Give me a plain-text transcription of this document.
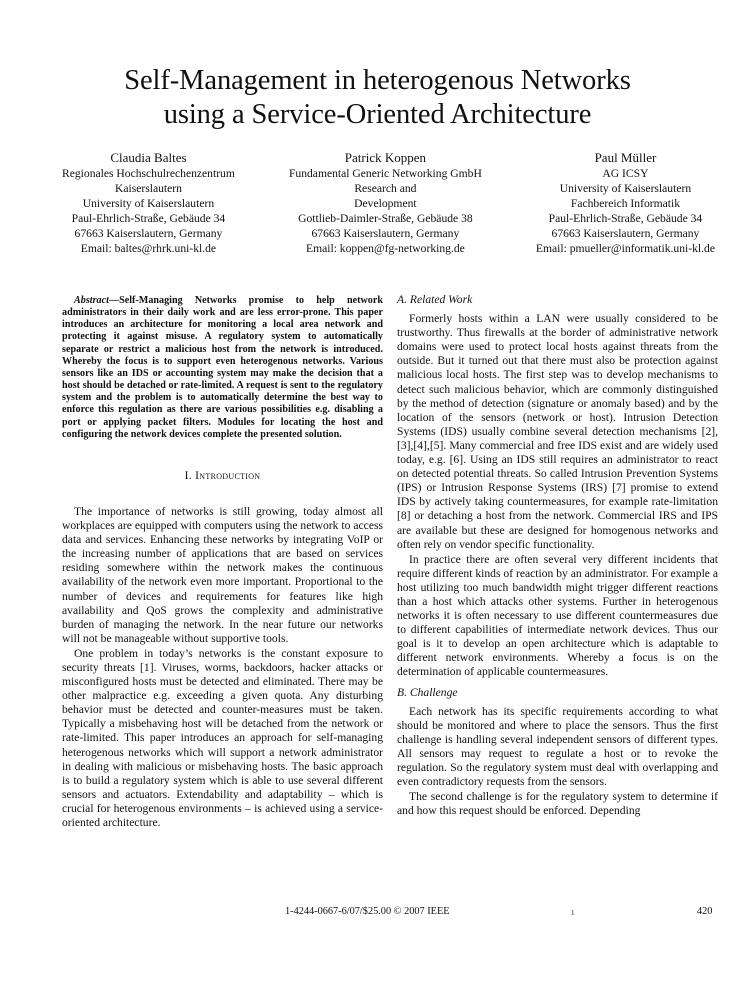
Self-Management in heterogenous Networks
using a Service-Oriented Architecture
Claudia Baltes
Regionales Hochschulrechenzentrum
Kaiserslautern
University of Kaiserslautern
Paul-Ehrlich-Straße, Gebäude 34
67663 Kaiserslautern, Germany
Email: baltes@rhrk.uni-kl.de
Patrick Koppen
Fundamental Generic Networking GmbH
Research and
Development
Gottlieb-Daimler-Straße, Gebäude 38
67663 Kaiserslautern, Germany
Email: koppen@fg-networking.de
Paul Müller
AG ICSY
University of Kaiserslautern
Fachbereich Informatik
Paul-Ehrlich-Straße, Gebäude 34
67663 Kaiserslautern, Germany
Email: pmueller@informatik.uni-kl.de

Abstract—Self-Managing Networks promise to help network administrators in their daily work and are less error-prone. This paper introduces an architecture for monitoring a local area network and protecting it against misuse. A regulatory system to automatically separate or restrict a malicious host from the network is introduced. Whereby the focus is to support even heterogenous networks. Various sensors like an IDS or accounting system may make the decision that a host should be detached or rate-limited. A request is sent to the regulatory system and the problem is to automatically determine the best way to enforce this regulation as there are various possibilities e.g. disabling a port or applying packet filters. Modules for locating the host and configuring the network devices complete the presented solution.

I. Introduction

The importance of networks is still growing, today almost all workplaces are equipped with computers using the network to access data and services. Enhancing these networks by integrating VoIP or the increasing number of applications that are based on services residing somewhere within the network makes the continuous availability of the network even more important. Proportional to the number of devices and requirements for features like high availability and QoS grows the complexity and administrative burden of managing the network. In the near future our networks will not be manageable without supportive tools.

One problem in today’s networks is the constant exposure to security threats [1]. Viruses, worms, backdoors, hacker attacks or misconfigured hosts must be detected and eliminated. There may be other malpractice e.g. exceeding a given quota. Any disturbing behavior must be detected and counter-measures must be taken. Typically a misbehaving host will be detached from the network or rate-limited. This paper introduces an approach for self-managing heterogenous networks which will support a network administrator in dealing with malicious or misbehaving hosts. The basic approach is to build a regulatory system which is able to use several different sensors and actuators. Extendability and adaptability – which is crucial for heterogenous environments – is achieved using a service-oriented architecture.

A. Related Work

Formerly hosts within a LAN were usually considered to be trustworthy. Thus firewalls at the border of administrative network domains were used to protect local hosts against threats from the outside. But it turned out that there must also be protection against malicious local hosts. The first step was to develop mechanisms to detect such malicious behavior, which are commonly distinguished by the method of detection (signature or anomaly based) and by the location of the sensors (network or host). Intrusion Detection Systems (IDS) usually combine several detection mechanisms [2],[3],[4],[5]. Many commercial and free IDS exist and are widely used today, e.g. [6]. Using an IDS still requires an administrator to react on detected potential threats. So called Intrusion Prevention Systems (IPS) or Intrusion Response Systems (IRS) [7] promise to extend IDS by actively taking countermeasures, for example rate-limitation [8] or detaching a host from the network. Commercial IRS and IPS are available but these are designed for homogenous networks and often rely on vendor specific functionality.

In practice there are often several very different incidents that require different kinds of reaction by an administrator. For example a host utilizing too much bandwidth might trigger different reactions than a host which attacks other systems. Further in heterogenous networks it is often necessary to use different countermeasures due to different capabilities of intermediate network devices. Thus our goal is it to develop an open architecture which is adaptable to different network environments. Whereby a focus is on the determination of applicable countermeasures.

B. Challenge

Each network has its specific requirements according to what should be monitored and where to place the sensors. Thus the first challenge is handling several independent sensors of different types. All sensors may request to regulate a host or to revoke the regulation. So the regulatory system must deal with overlapping and even contradictory requests from the sensors.

The second challenge is for the regulatory system to determine if and how this request should be enforced. Depending

1-4244-0667-6/07/$25.00 © 2007 IEEE	1	420
